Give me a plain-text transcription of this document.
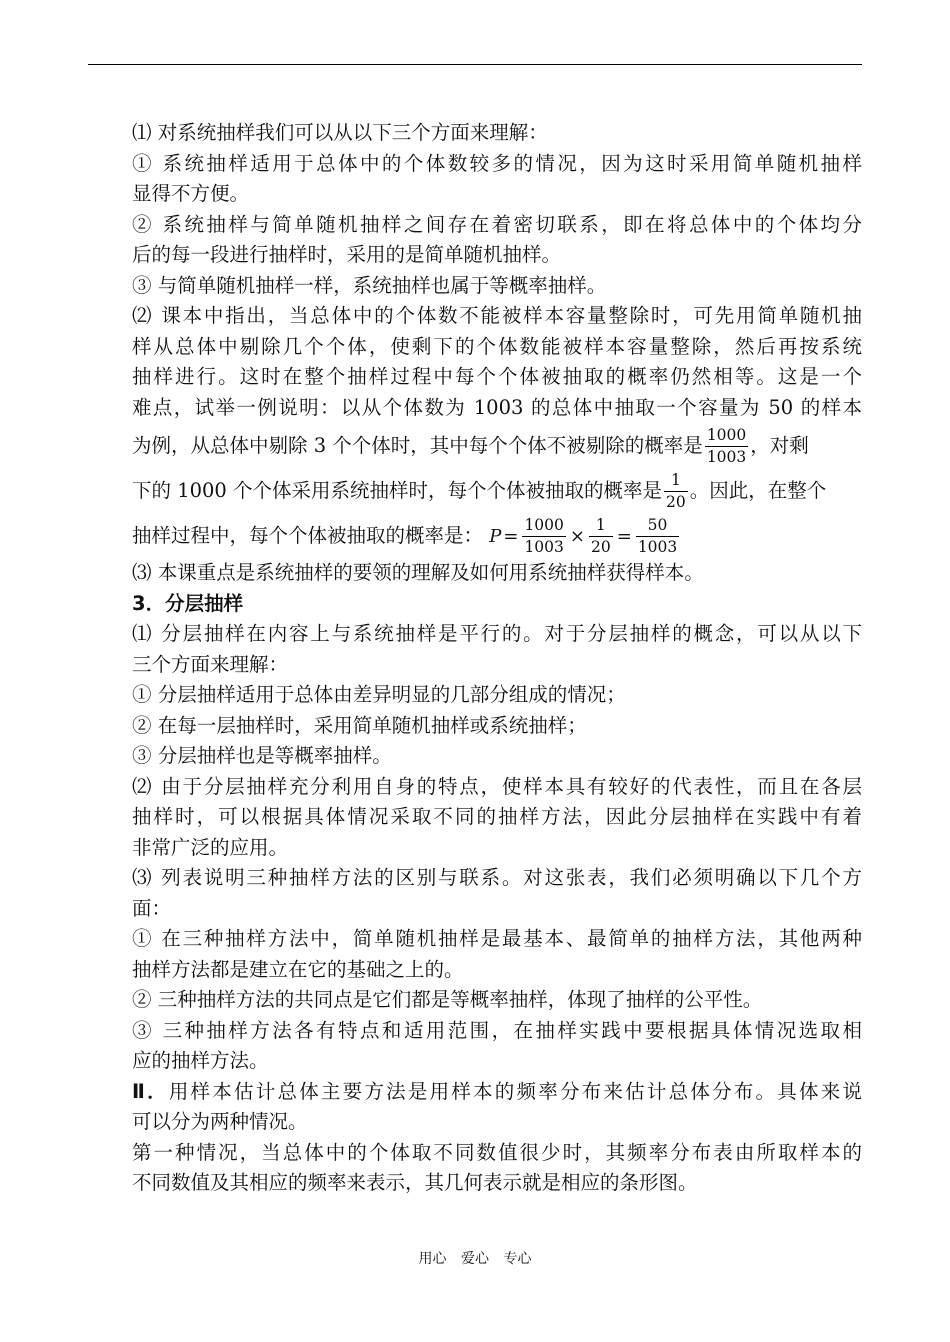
⑴ 对系统抽样我们可以从以下三个方面来理解：
① 系统抽样适用于总体中的个体数较多的情况，因为这时采用简单随机抽样
显得不方便。
② 系统抽样与简单随机抽样之间存在着密切联系，即在将总体中的个体均分
后的每一段进行抽样时，采用的是简单随机抽样。
③ 与简单随机抽样一样，系统抽样也属于等概率抽样。
⑵ 课本中指出，当总体中的个体数不能被样本容量整除时，可先用简单随机抽
样从总体中剔除几个个体，使剩下的个体数能被样本容量整除，然后再按系统
抽样进行。这时在整个抽样过程中每个个体被抽取的概率仍然相等。这是一个
难点，试举一例说明：以从个体数为 1003 的总体中抽取一个容量为 50 的样本
为例，从总体中剔除 3 个个体时，其中每个个体不被剔除的概率是 $\frac{1000}{1003}$ ，对剩
下的 1000 个个体采用系统抽样时，每个个体被抽取的概率是 $\frac{1}{20}$ 。因此，在整个
抽样过程中，每个个体被抽取的概率是： $P = \frac{1000}{1003} \times \frac{1}{20} = \frac{50}{1003}$
⑶ 本课重点是系统抽样的要领的理解及如何用系统抽样获得样本。
3．分层抽样
⑴ 分层抽样在内容上与系统抽样是平行的。对于分层抽样的概念，可以从以下
三个方面来理解：
① 分层抽样适用于总体由差异明显的几部分组成的情况；
② 在每一层抽样时，采用简单随机抽样或系统抽样；
③ 分层抽样也是等概率抽样。
⑵ 由于分层抽样充分利用自身的特点，使样本具有较好的代表性，而且在各层
抽样时，可以根据具体情况采取不同的抽样方法，因此分层抽样在实践中有着
非常广泛的应用。
⑶ 列表说明三种抽样方法的区别与联系。对这张表，我们必须明确以下几个方
面：
① 在三种抽样方法中，简单随机抽样是最基本、最简单的抽样方法，其他两种
抽样方法都是建立在它的基础之上的。
② 三种抽样方法的共同点是它们都是等概率抽样，体现了抽样的公平性。
③ 三种抽样方法各有特点和适用范围，在抽样实践中要根据具体情况选取相
应的抽样方法。
Ⅱ．用样本估计总体主要方法是用样本的频率分布来估计总体分布。具体来说
可以分为两种情况。
第一种情况，当总体中的个体取不同数值很少时，其频率分布表由所取样本的
不同数值及其相应的频率来表示，其几何表示就是相应的条形图。
用心 爱心 专心
